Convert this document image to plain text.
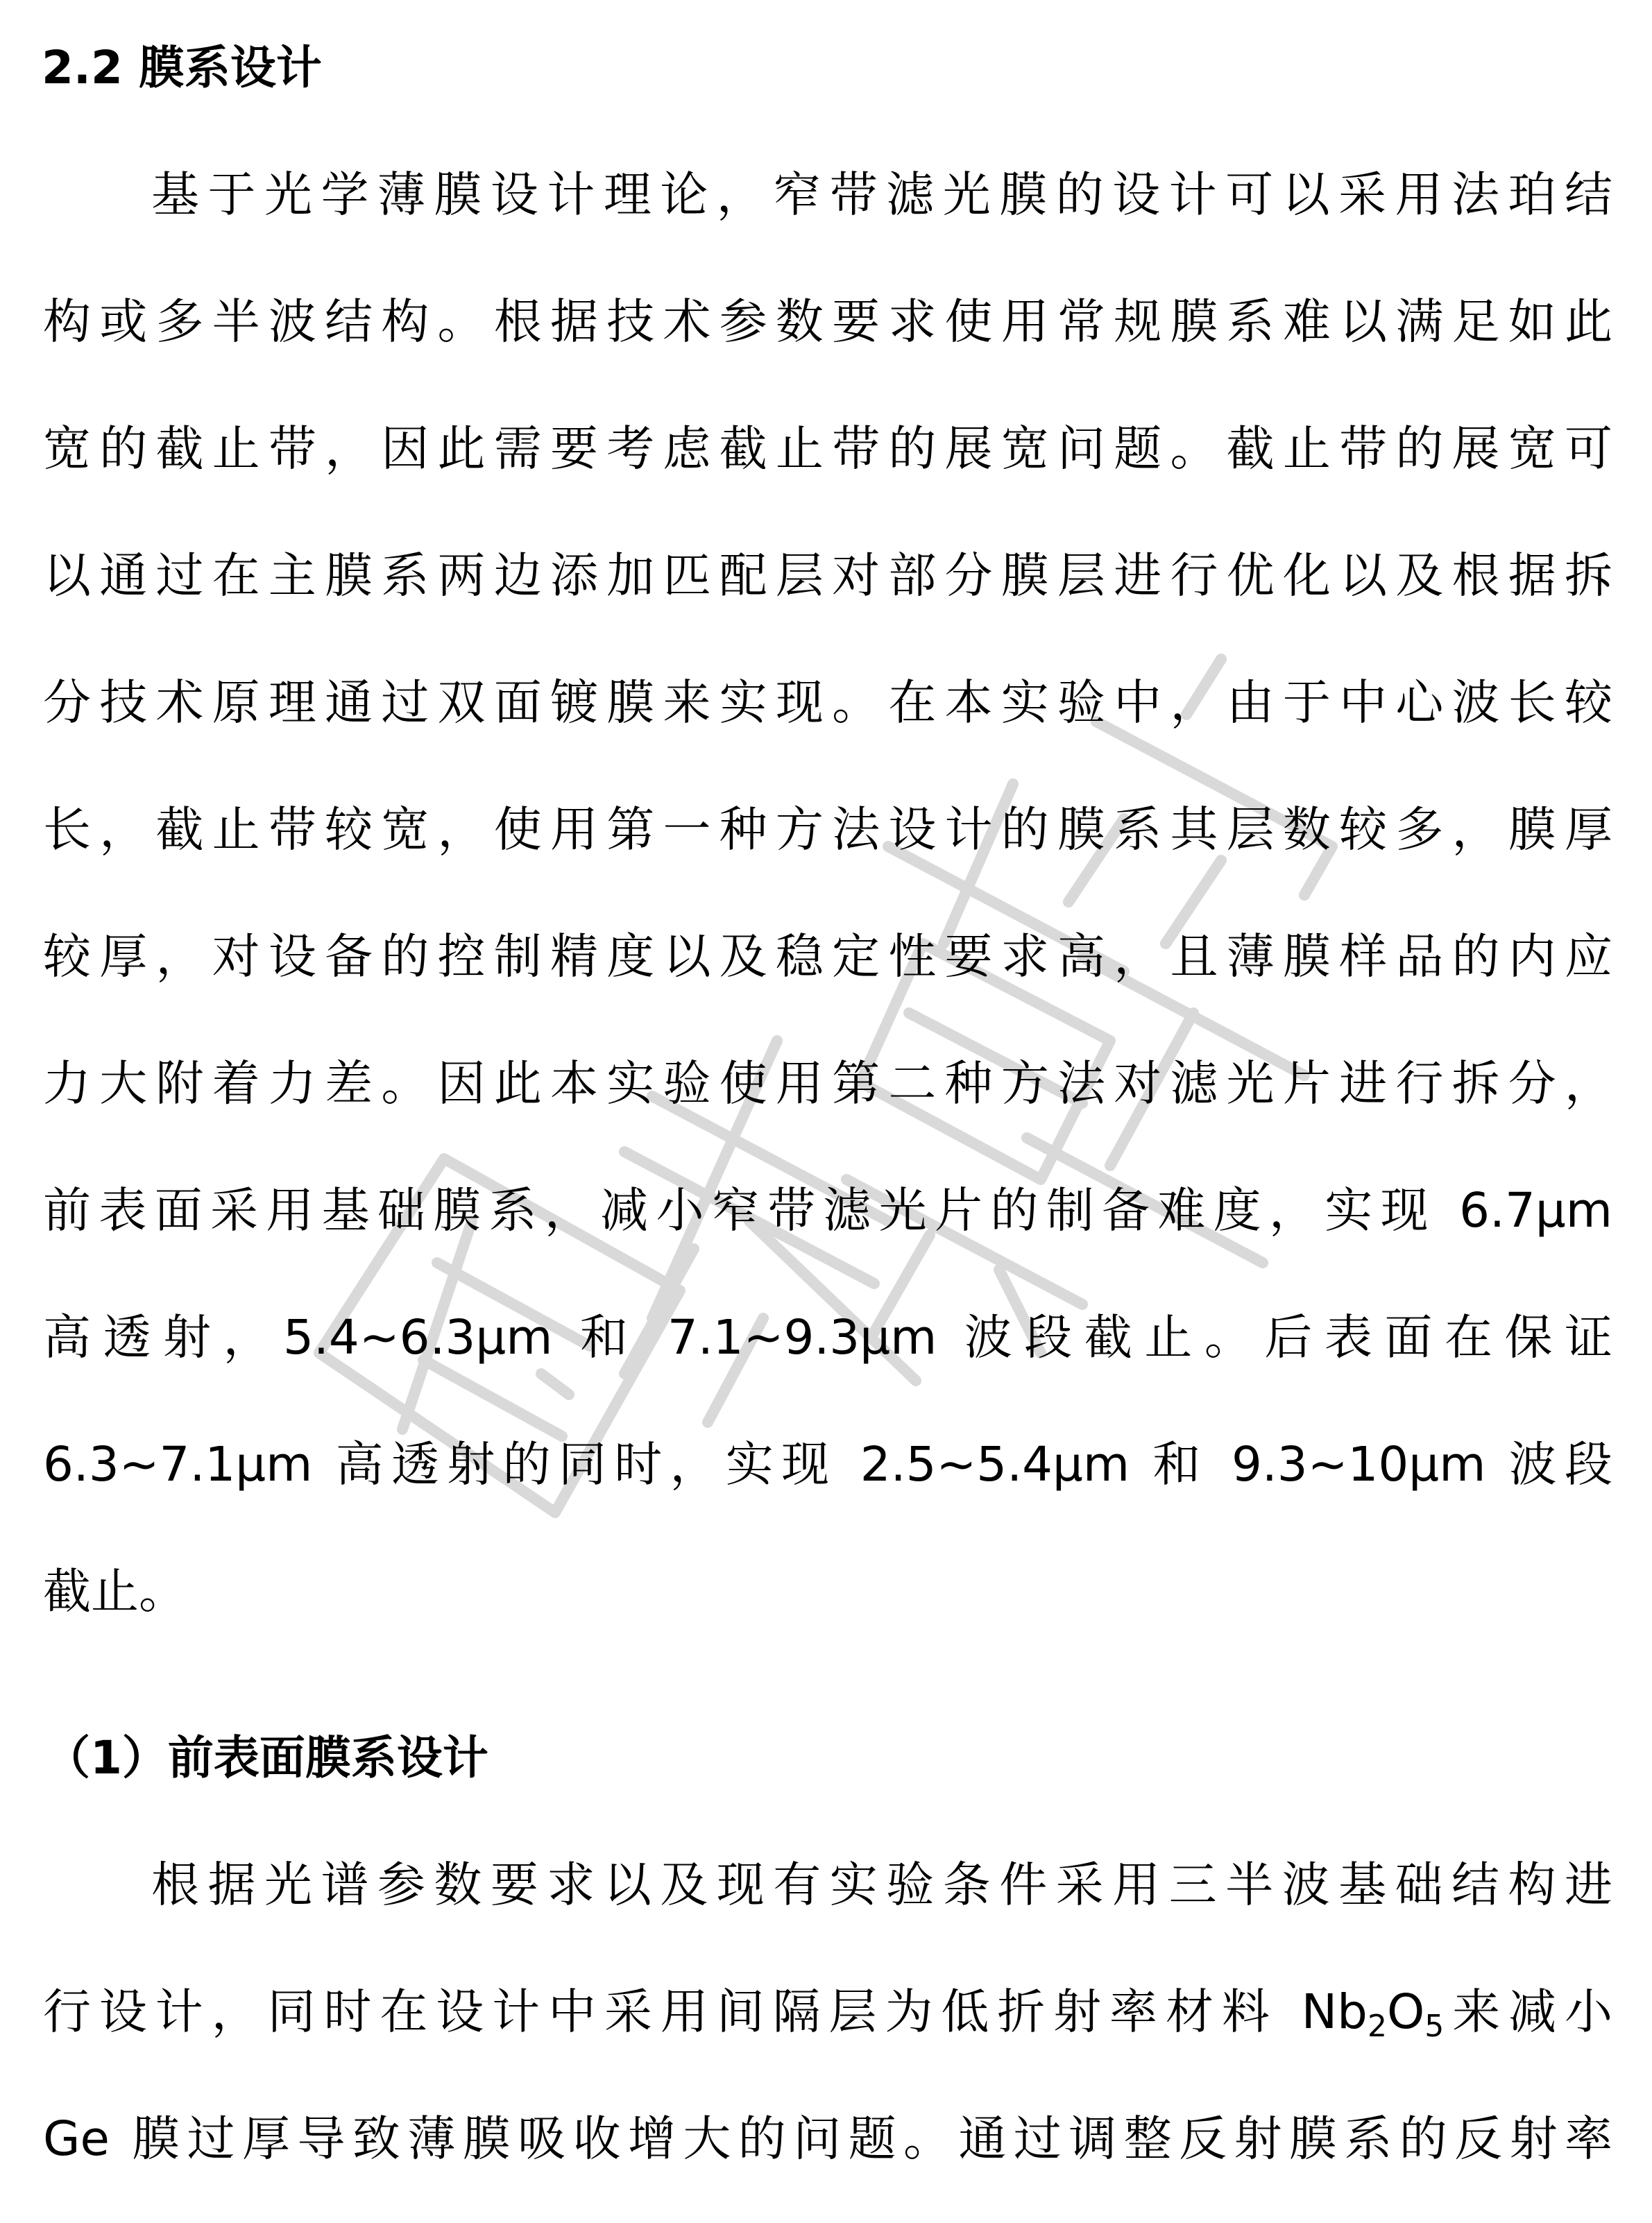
2.2 膜系设计
基于光学薄膜设计理论，窄带滤光膜的设计可以采用法珀结
构或多半波结构。根据技术参数要求使用常规膜系难以满足如此
宽的截止带，因此需要考虑截止带的展宽问题。截止带的展宽可
以通过在主膜系两边添加匹配层对部分膜层进行优化以及根据拆
分技术原理通过双面镀膜来实现。在本实验中，由于中心波长较
长，截止带较宽，使用第一种方法设计的膜系其层数较多，膜厚
较厚，对设备的控制精度以及稳定性要求高，且薄膜样品的内应
力大附着力差。因此本实验使用第二种方法对滤光片进行拆分，
前表面采用基础膜系，减小窄带滤光片的制备难度，实现 6.7μm
高透射，5.4~6.3μm 和 7.1~9.3μm 波段截止。后表面在保证
6.3~7.1μm 高透射的同时，实现 2.5~5.4μm 和 9.3~10μm 波段
截止。
（1）前表面膜系设计
根据光谱参数要求以及现有实验条件采用三半波基础结构进
行设计，同时在设计中采用间隔层为低折射率材料 $Nb_2O_5$来减小
Ge 膜过厚导致薄膜吸收增大的问题。通过调整反射膜系的反射率
